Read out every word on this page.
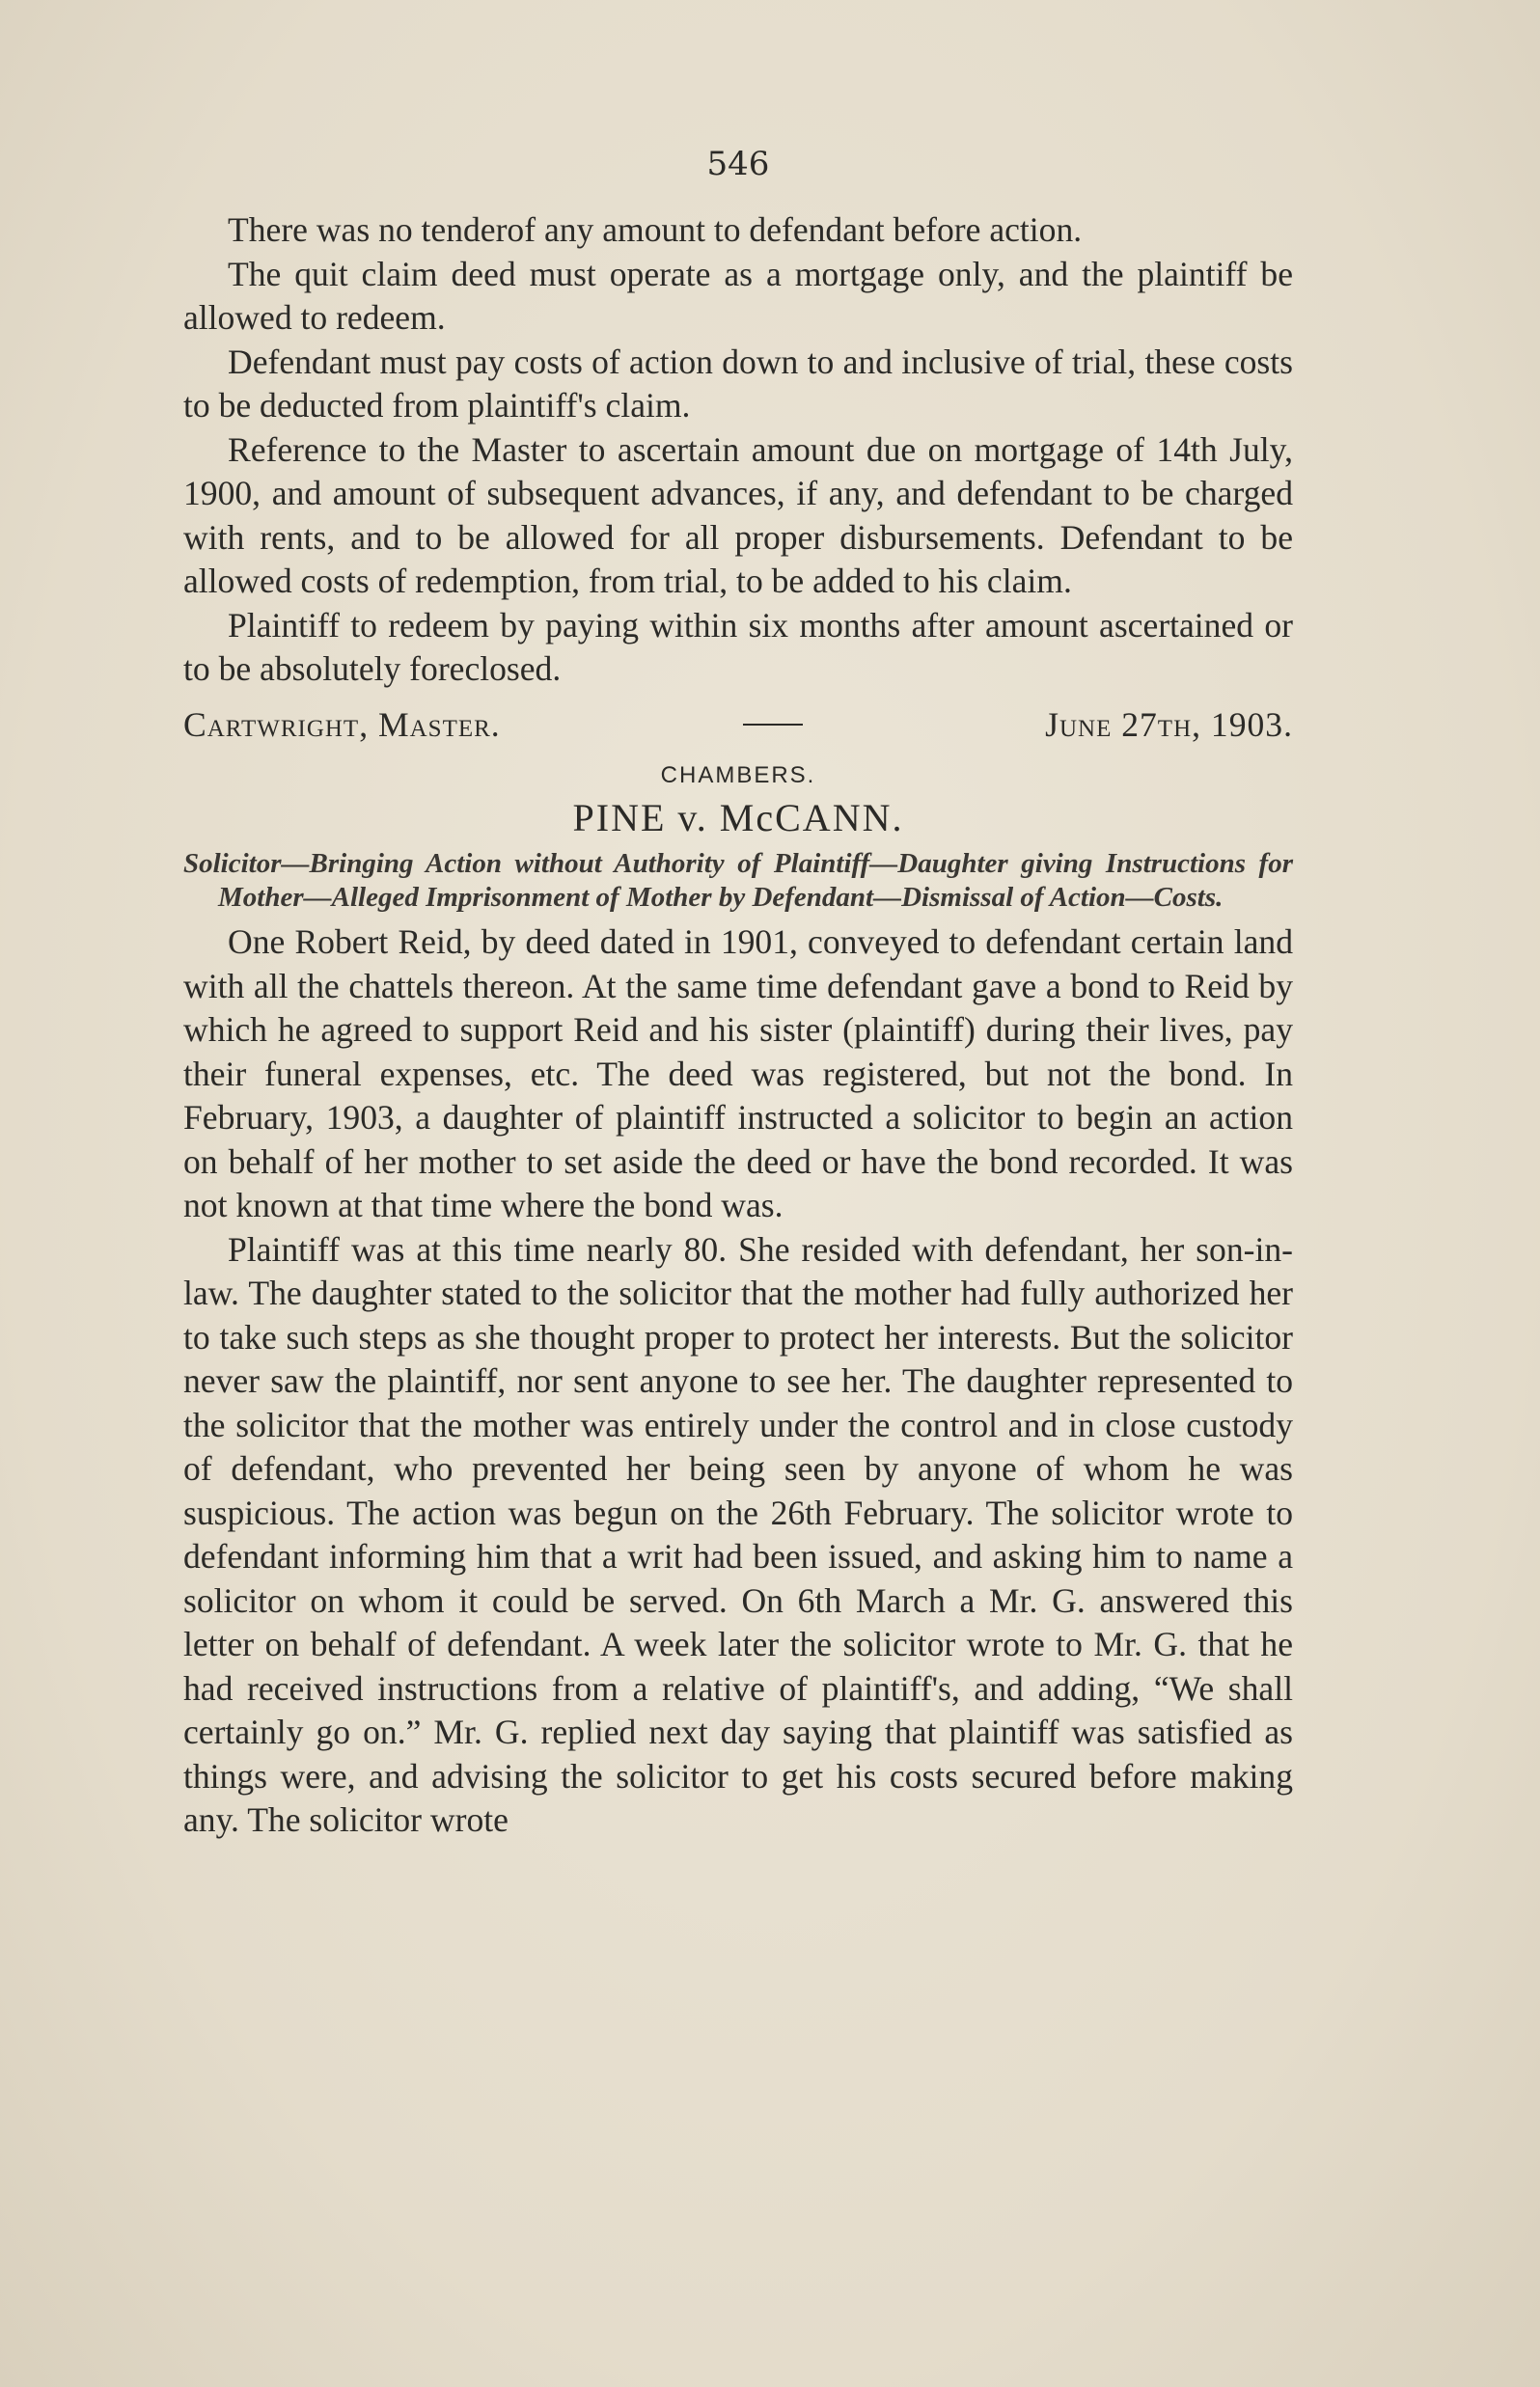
546

There was no tenderof any amount to defendant before action.

The quit claim deed must operate as a mortgage only, and the plaintiff be allowed to redeem.

Defendant must pay costs of action down to and inclusive of trial, these costs to be deducted from plaintiff's claim.

Reference to the Master to ascertain amount due on mortgage of 14th July, 1900, and amount of subsequent advances, if any, and defendant to be charged with rents, and to be allowed for all proper disbursements. Defendant to be allowed costs of redemption, from trial, to be added to his claim.

Plaintiff to redeem by paying within six months after amount ascertained or to be absolutely foreclosed.

Cartwright, Master.	June 27th, 1903.
CHAMBERS.
PINE v. McCANN.

Solicitor—Bringing Action without Authority of Plaintiff—Daughter giving Instructions for Mother—Alleged Imprisonment of Mother by Defendant—Dismissal of Action—Costs.

One Robert Reid, by deed dated in 1901, conveyed to defendant certain land with all the chattels thereon. At the same time defendant gave a bond to Reid by which he agreed to support Reid and his sister (plaintiff) during their lives, pay their funeral expenses, etc. The deed was registered, but not the bond. In February, 1903, a daughter of plaintiff instructed a solicitor to begin an action on behalf of her mother to set aside the deed or have the bond recorded. It was not known at that time where the bond was.

Plaintiff was at this time nearly 80. She resided with defendant, her son-in-law. The daughter stated to the solicitor that the mother had fully authorized her to take such steps as she thought proper to protect her interests. But the solicitor never saw the plaintiff, nor sent anyone to see her. The daughter represented to the solicitor that the mother was entirely under the control and in close custody of defendant, who prevented her being seen by anyone of whom he was suspicious. The action was begun on the 26th February. The solicitor wrote to defendant informing him that a writ had been issued, and asking him to name a solicitor on whom it could be served. On 6th March a Mr. G. answered this letter on behalf of defendant. A week later the solicitor wrote to Mr. G. that he had received instructions from a relative of plaintiff's, and adding, “We shall certainly go on.” Mr. G. replied next day saying that plaintiff was satisfied as things were, and advising the solicitor to get his costs secured before making any. The solicitor wrote
